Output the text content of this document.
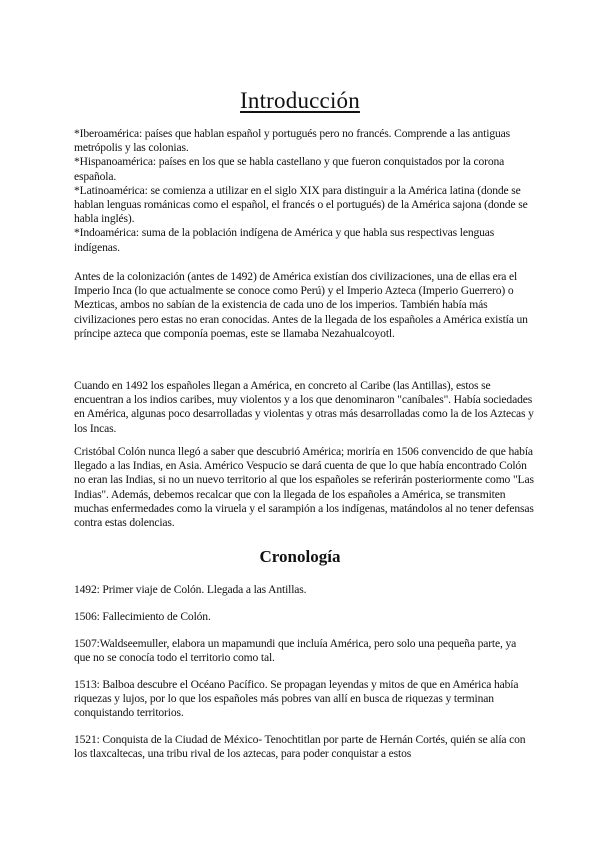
Introducción

*Iberoamérica: países que hablan español y portugués pero no francés. Comprende a las antiguas metrópolis y las colonias.

*Hispanoamérica: países en los que se habla castellano y que fueron conquistados por la corona española.

*Latinoamérica: se comienza a utilizar en el siglo XIX para distinguir a la América latina (donde se hablan lenguas románicas como el español, el francés o el portugués) de la América sajona (donde se habla inglés).

*Indoamérica: suma de la población indígena de América y que habla sus respectivas lenguas indígenas.

Antes de la colonización (antes de 1492) de América existían dos civilizaciones, una de ellas era el Imperio Inca (lo que actualmente se conoce como Perú) y el Imperio Azteca (Imperio Guerrero) o Mezticas, ambos no sabían de la existencia de cada uno de los imperios. También había más civilizaciones pero estas no eran conocidas. Antes de la llegada de los españoles a América existía un príncipe azteca que componía poemas, este se llamaba Nezahualcoyotl.
Cuando en 1492 los españoles llegan a América, en concreto al Caribe (las Antillas), estos se encuentran a los indios caribes, muy violentos y a los que denominaron "caníbales". Había sociedades en América, algunas poco desarrolladas y violentas y otras más desarrolladas como la de los Aztecas y los Incas.
Cristóbal Colón nunca llegó a saber que descubrió América; moriría en 1506 convencido de que había llegado a las Indias, en Asia. Américo Vespucio se dará cuenta de que lo que había encontrado Colón no eran las Indias, si no un nuevo territorio al que los españoles se referirán posteriormente como "Las Indias". Además, debemos recalcar que con la llegada de los españoles a América, se transmiten muchas enfermedades como la viruela y el sarampión a los indígenas, matándolos al no tener defensas contra estas dolencias.
Cronología
1492: Primer viaje de Colón. Llegada a las Antillas.
1506: Fallecimiento de Colón.
1507:Waldseemuller, elabora un mapamundi que incluía América, pero solo una pequeña parte, ya que no se conocía todo el territorio como tal.
1513: Balboa descubre el Océano Pacífico. Se propagan leyendas y mitos de que en América había riquezas y lujos, por lo que los españoles más pobres van allí en busca de riquezas y terminan conquistando territorios.
1521: Conquista de la Ciudad de México- Tenochtitlan por parte de Hernán Cortés, quién se alía con los tlaxcaltecas, una tribu rival de los aztecas, para poder conquistar a estos
